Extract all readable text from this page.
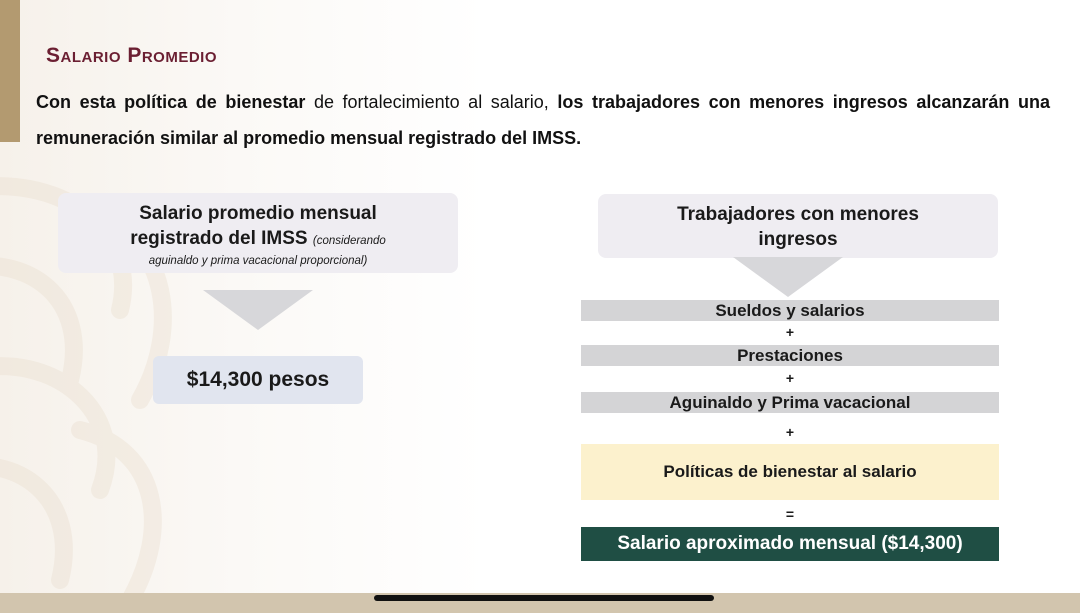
Salario Promedio
Con esta política de bienestar de fortalecimiento al salario, los trabajadores con menores ingresos alcanzarán una remuneración similar al promedio mensual registrado del IMSS.
Salario promedio mensual
registrado del IMSS (considerando
aguinaldo y prima vacacional proporcional)
$14,300 pesos
Trabajadores con menores
ingresos
Sueldos y salarios
+
Prestaciones
+
Aguinaldo y Prima vacacional
+
Políticas de bienestar al salario
=
Salario aproximado mensual ($14,300)
